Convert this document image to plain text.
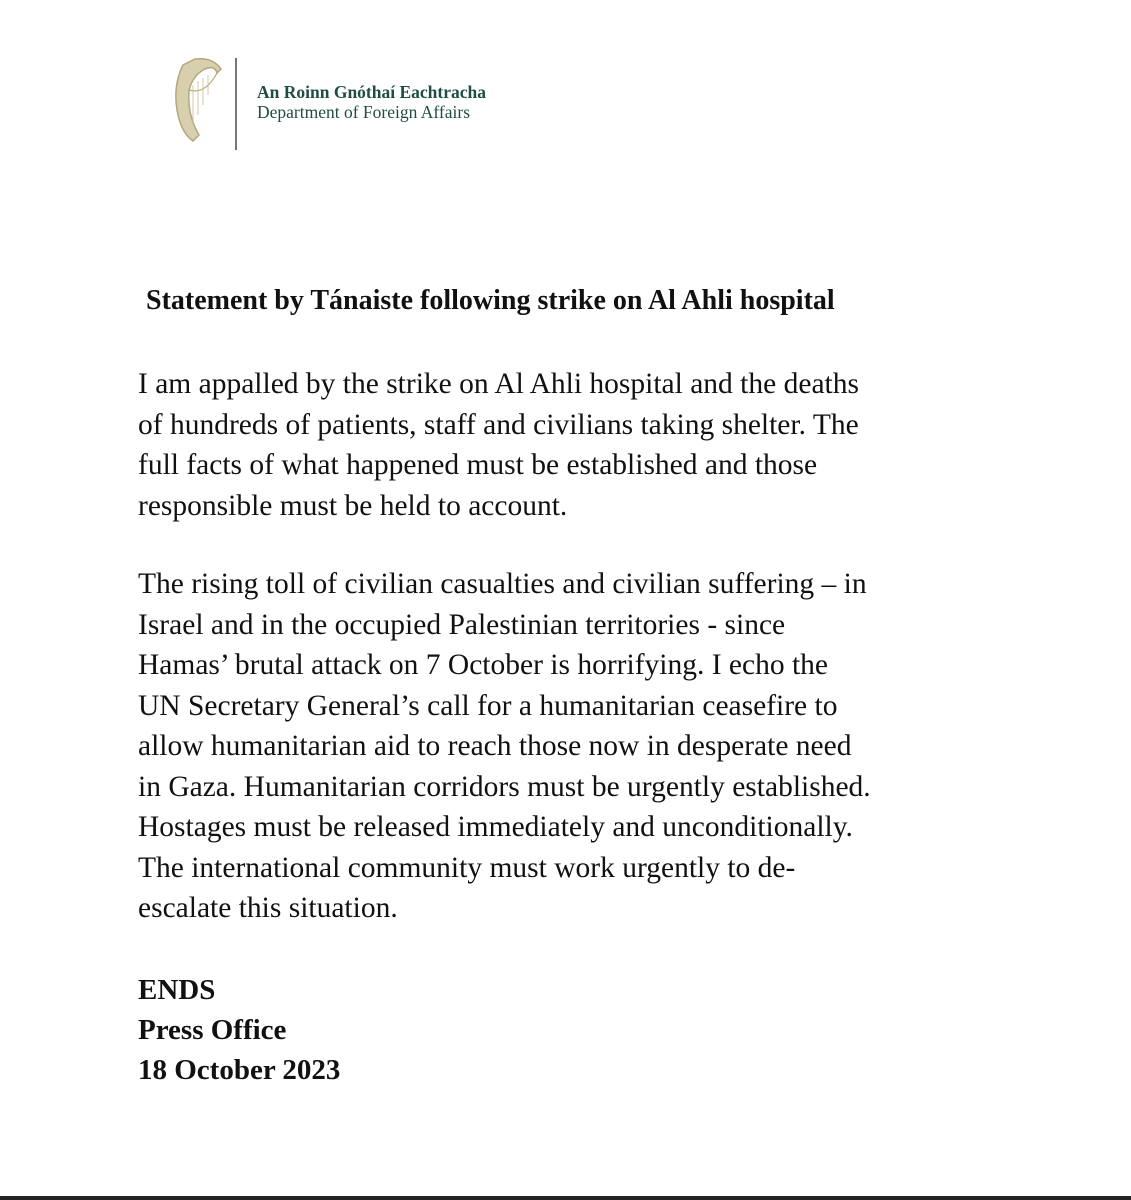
An Roinn Gnóthaí Eachtracha
Department of Foreign Affairs
Statement by Tánaiste following strike on Al Ahli hospital
I am appalled by the strike on Al Ahli hospital and the deaths
of hundreds of patients, staff and civilians taking shelter. The
full facts of what happened must be established and those
responsible must be held to account.
The rising toll of civilian casualties and civilian suffering – in
Israel and in the occupied Palestinian territories - since
Hamas’ brutal attack on 7 October is horrifying. I echo the
UN Secretary General’s call for a humanitarian ceasefire to
allow humanitarian aid to reach those now in desperate need
in Gaza. Humanitarian corridors must be urgently established.
Hostages must be released immediately and unconditionally.
The international community must work urgently to de-
escalate this situation.
ENDS
Press Office
18 October 2023
